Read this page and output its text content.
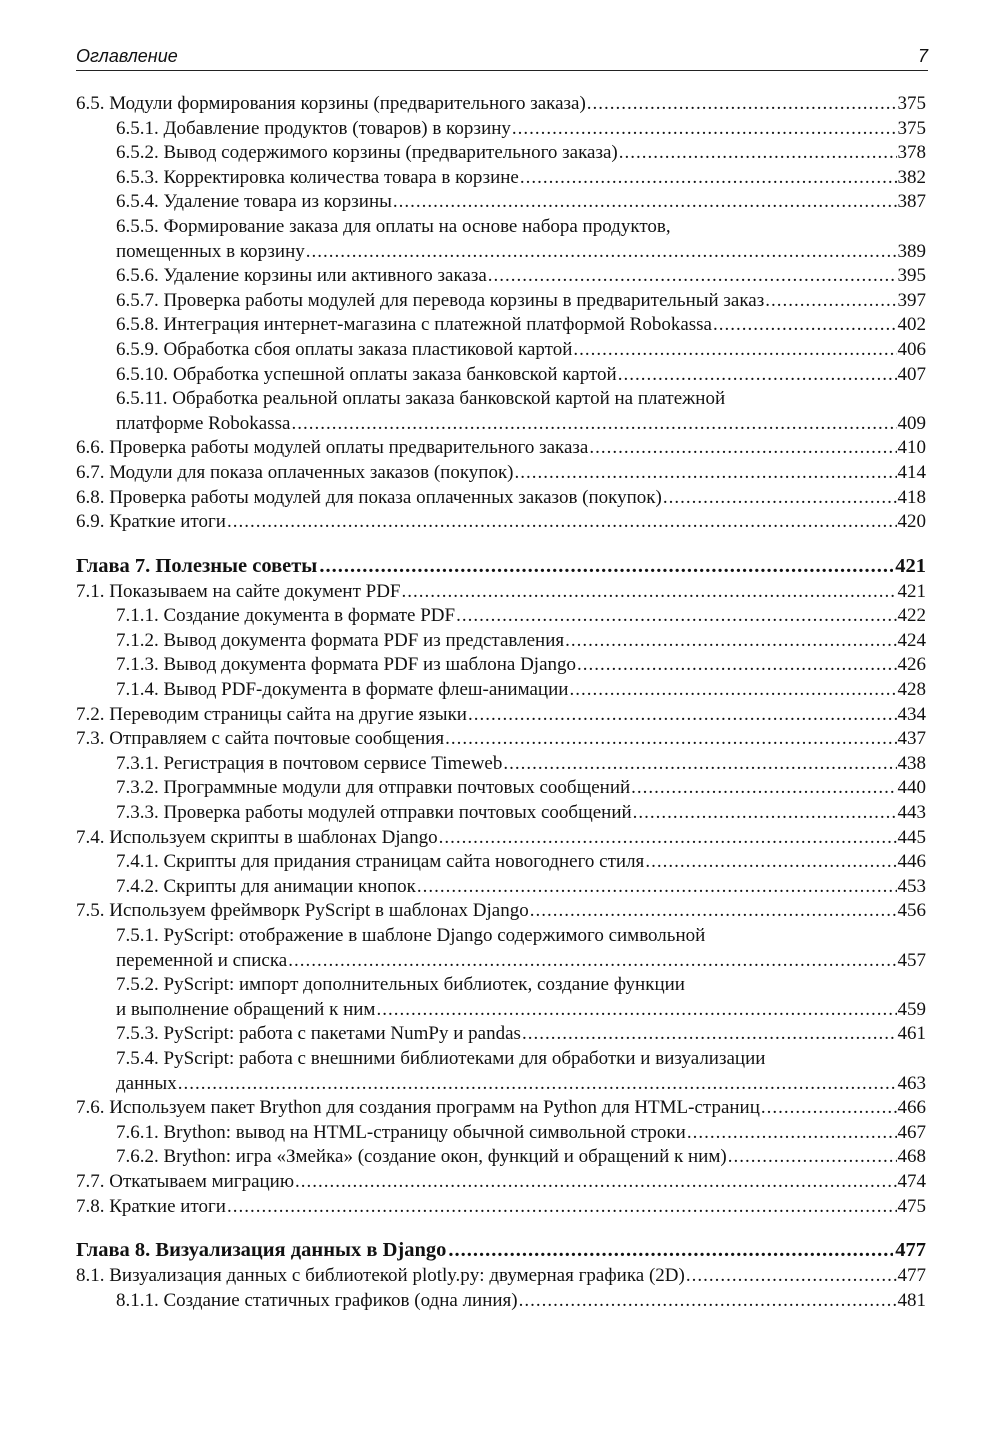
Оглавление	7
6.5. Модули формирования корзины (предварительного заказа) .....	375
6.5.1. Добавление продуктов (товаров) в корзину .....	375
6.5.2. Вывод содержимого корзины (предварительного заказа) .....	378
6.5.3. Корректировка количества товара в корзине .....	382
6.5.4. Удаление товара из корзины .....	387
6.5.5. Формирование заказа для оплаты на основе набора продуктов,
помещенных в корзину .....	389
6.5.6. Удаление корзины или активного заказа .....	395
6.5.7. Проверка работы модулей для перевода корзины в предварительный заказ .....	397
6.5.8. Интеграция интернет-магазина с платежной платформой Robokassa .....	402
6.5.9. Обработка сбоя оплаты заказа пластиковой картой .....	406
6.5.10. Обработка успешной оплаты заказа банковской картой .....	407
6.5.11. Обработка реальной оплаты заказа банковской картой на платежной
платформе Robokassa .....	409
6.6. Проверка работы модулей оплаты предварительного заказа .....	410
6.7. Модули для показа оплаченных заказов (покупок) .....	414
6.8. Проверка работы модулей для показа оплаченных заказов (покупок) .....	418
6.9. Краткие итоги .....	420
Глава 7. Полезные советы .....	421
7.1. Показываем на сайте документ PDF .....	421
7.1.1. Создание документа в формате PDF .....	422
7.1.2. Вывод документа формата PDF из представления .....	424
7.1.3. Вывод документа формата PDF из шаблона Django .....	426
7.1.4. Вывод PDF-документа в формате флеш-анимации .....	428
7.2. Переводим страницы сайта на другие языки .....	434
7.3. Отправляем с сайта почтовые сообщения .....	437
7.3.1. Регистрация в почтовом сервисе Timeweb .....	438
7.3.2. Программные модули для отправки почтовых сообщений .....	440
7.3.3. Проверка работы модулей отправки почтовых сообщений .....	443
7.4. Используем скрипты в шаблонах Django .....	445
7.4.1. Скрипты для придания страницам сайта новогоднего стиля .....	446
7.4.2. Скрипты для анимации кнопок .....	453
7.5. Используем фреймворк PyScript в шаблонах Django .....	456
7.5.1. PyScript: отображение в шаблоне Django содержимого символьной
переменной и списка .....	457
7.5.2. PyScript: импорт дополнительных библиотек, создание функции
и выполнение обращений к ним .....	459
7.5.3. PyScript: работа с пакетами NumPy и pandas .....	461
7.5.4. PyScript: работа с внешними библиотеками для обработки и визуализации
данных .....	463
7.6. Используем пакет Brython для создания программ на Python для HTML-страниц .....	466
7.6.1. Brython: вывод на HTML-страницу обычной символьной строки .....	467
7.6.2. Brython: игра «Змейка» (создание окон, функций и обращений к ним) .....	468
7.7. Откатываем миграцию .....	474
7.8. Краткие итоги .....	475
Глава 8. Визуализация данных в Django .....	477
8.1. Визуализация данных с библиотекой plotly.py: двумерная графика (2D) .....	477
8.1.1. Создание статичных графиков (одна линия) .....	481
